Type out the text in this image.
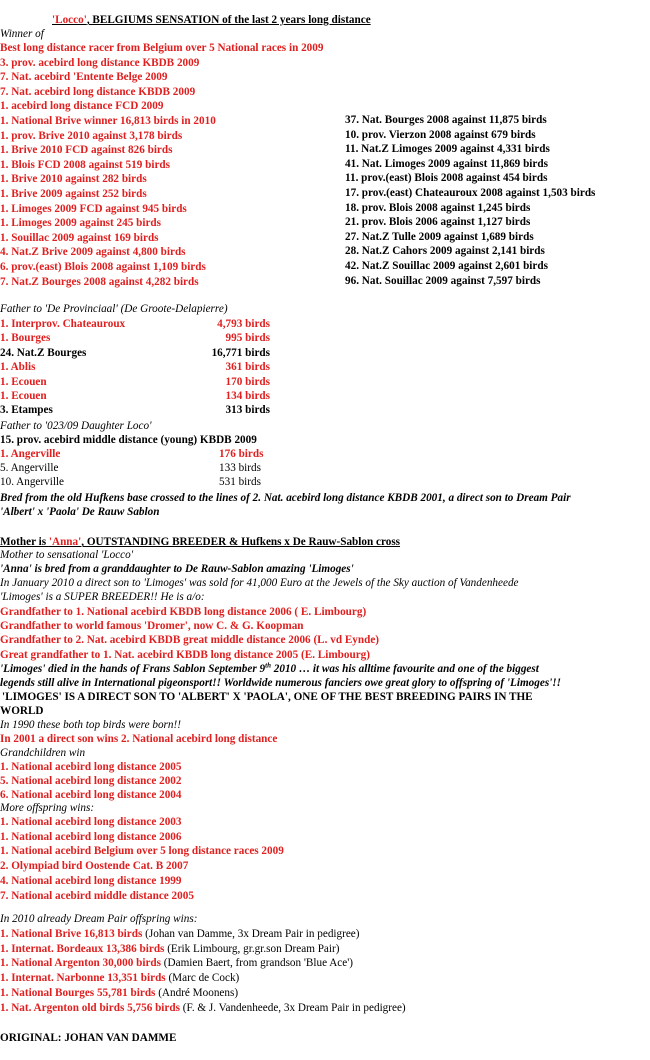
'Locco', BELGIUMS SENSATION of the last 2 years long distance
Winner of
Best long distance racer from Belgium over 5 National races in 2009
3. prov. acebird long distance KBDB 2009
7. Nat. acebird 'Entente Belge 2009
7. Nat. acebird long distance KBDB 2009
1. acebird long distance FCD 2009
1. National Brive winner 16,813 birds in 2010
1. prov. Brive 2010 against 3,178 birds
1. Brive 2010 FCD against 826 birds
1. Blois FCD 2008 against 519 birds
1. Brive 2010 against 282 birds
1. Brive 2009 against 252 birds
1. Limoges 2009 FCD against 945 birds
1. Limoges 2009 against 245 birds
1. Souillac 2009 against 169 birds
4. Nat.Z Brive 2009 against 4,800 birds
6. prov.(east) Blois 2008 against 1,109 birds
7. Nat.Z Bourges 2008 against 4,282 birds
37. Nat. Bourges 2008 against 11,875 birds
10. prov. Vierzon 2008 against 679 birds
11. Nat.Z Limoges 2009 against 4,331 birds
41. Nat. Limoges 2009 against 11,869 birds
11. prov.(east) Blois 2008 against 454 birds
17. prov.(east) Chateauroux 2008 against 1,503 birds
18. prov. Blois 2008 against 1,245 birds
21. prov. Blois 2006 against 1,127 birds
27. Nat.Z Tulle 2009 against 1,689 birds
28. Nat.Z Cahors 2009 against 2,141 birds
42. Nat.Z Souillac 2009 against 2,601 birds
96. Nat. Souillac 2009 against 7,597 birds
Father to 'De Provinciaal' (De Groote-Delapierre)
1. Interprov. Chateauroux	4,793 birds
1. Bourges	995 birds
24. Nat.Z Bourges	16,771 birds
1. Ablis	361 birds
1. Ecouen	170 birds
1. Ecouen	134 birds
3. Etampes	313 birds
Father to '023/09 Daughter Loco'
15. prov. acebird middle distance (young) KBDB 2009
1. Angerville	176 birds
5. Angerville	133 birds
10. Angerville	531 birds
Bred from the old Hufkens base crossed to the lines of 2. Nat. acebird long distance KBDB 2001, a direct son to Dream Pair
'Albert' x 'Paola' De Rauw Sablon
Mother is 'Anna', OUTSTANDING BREEDER & Hufkens x De Rauw-Sablon cross
Mother to sensational 'Locco'
'Anna' is bred from a granddaughter to De Rauw-Sablon amazing 'Limoges'
In January 2010 a direct son to 'Limoges' was sold for 41,000 Euro at the Jewels of the Sky auction of Vandenheede
'Limoges' is a SUPER BREEDER!! He is a/o:
Grandfather to 1. National acebird KBDB long distance 2006 ( E. Limbourg)
Grandfather to world famous 'Dromer', now C. & G. Koopman
Grandfather to 2. Nat. acebird KBDB great middle distance 2006 (L. vd Eynde)
Great grandfather to 1. Nat. acebird KBDB long distance 2005 (E. Limbourg)
'Limoges' died in the hands of Frans Sablon September 9th 2010 … it was his alltime favourite and one of the biggest
legends still alive in International pigeonsport!! Worldwide numerous fanciers owe great glory to offspring of 'Limoges'!!
'LIMOGES' IS A DIRECT SON TO 'ALBERT' X 'PAOLA', ONE OF THE BEST BREEDING PAIRS IN THE
WORLD
In 1990 these both top birds were born!!
In 2001 a direct son wins 2. National acebird long distance
Grandchildren win
1. National acebird long distance 2005
5. National acebird long distance 2002
6. National acebird long distance 2004
More offspring wins:
1. National acebird long distance 2003
1. National acebird long distance 2006
1. National acebird Belgium over 5 long distance races 2009
2. Olympiad bird Oostende Cat. B 2007
4. National acebird long distance 1999
7. National acebird middle distance 2005
In 2010 already Dream Pair offspring wins:
1. National Brive 16,813 birds (Johan van Damme, 3x Dream Pair in pedigree)
1. Internat. Bordeaux 13,386 birds (Erik Limbourg, gr.gr.son Dream Pair)
1. National Argenton 30,000 birds (Damien Baert, from grandson 'Blue Ace')
1. Internat. Narbonne 13,351 birds (Marc de Cock)
1. National Bourges 55,781 birds (André Moonens)
1. Nat. Argenton old birds 5,756 birds (F. & J. Vandenheede, 3x Dream Pair in pedigree)
ORIGINAL: JOHAN VAN DAMME
